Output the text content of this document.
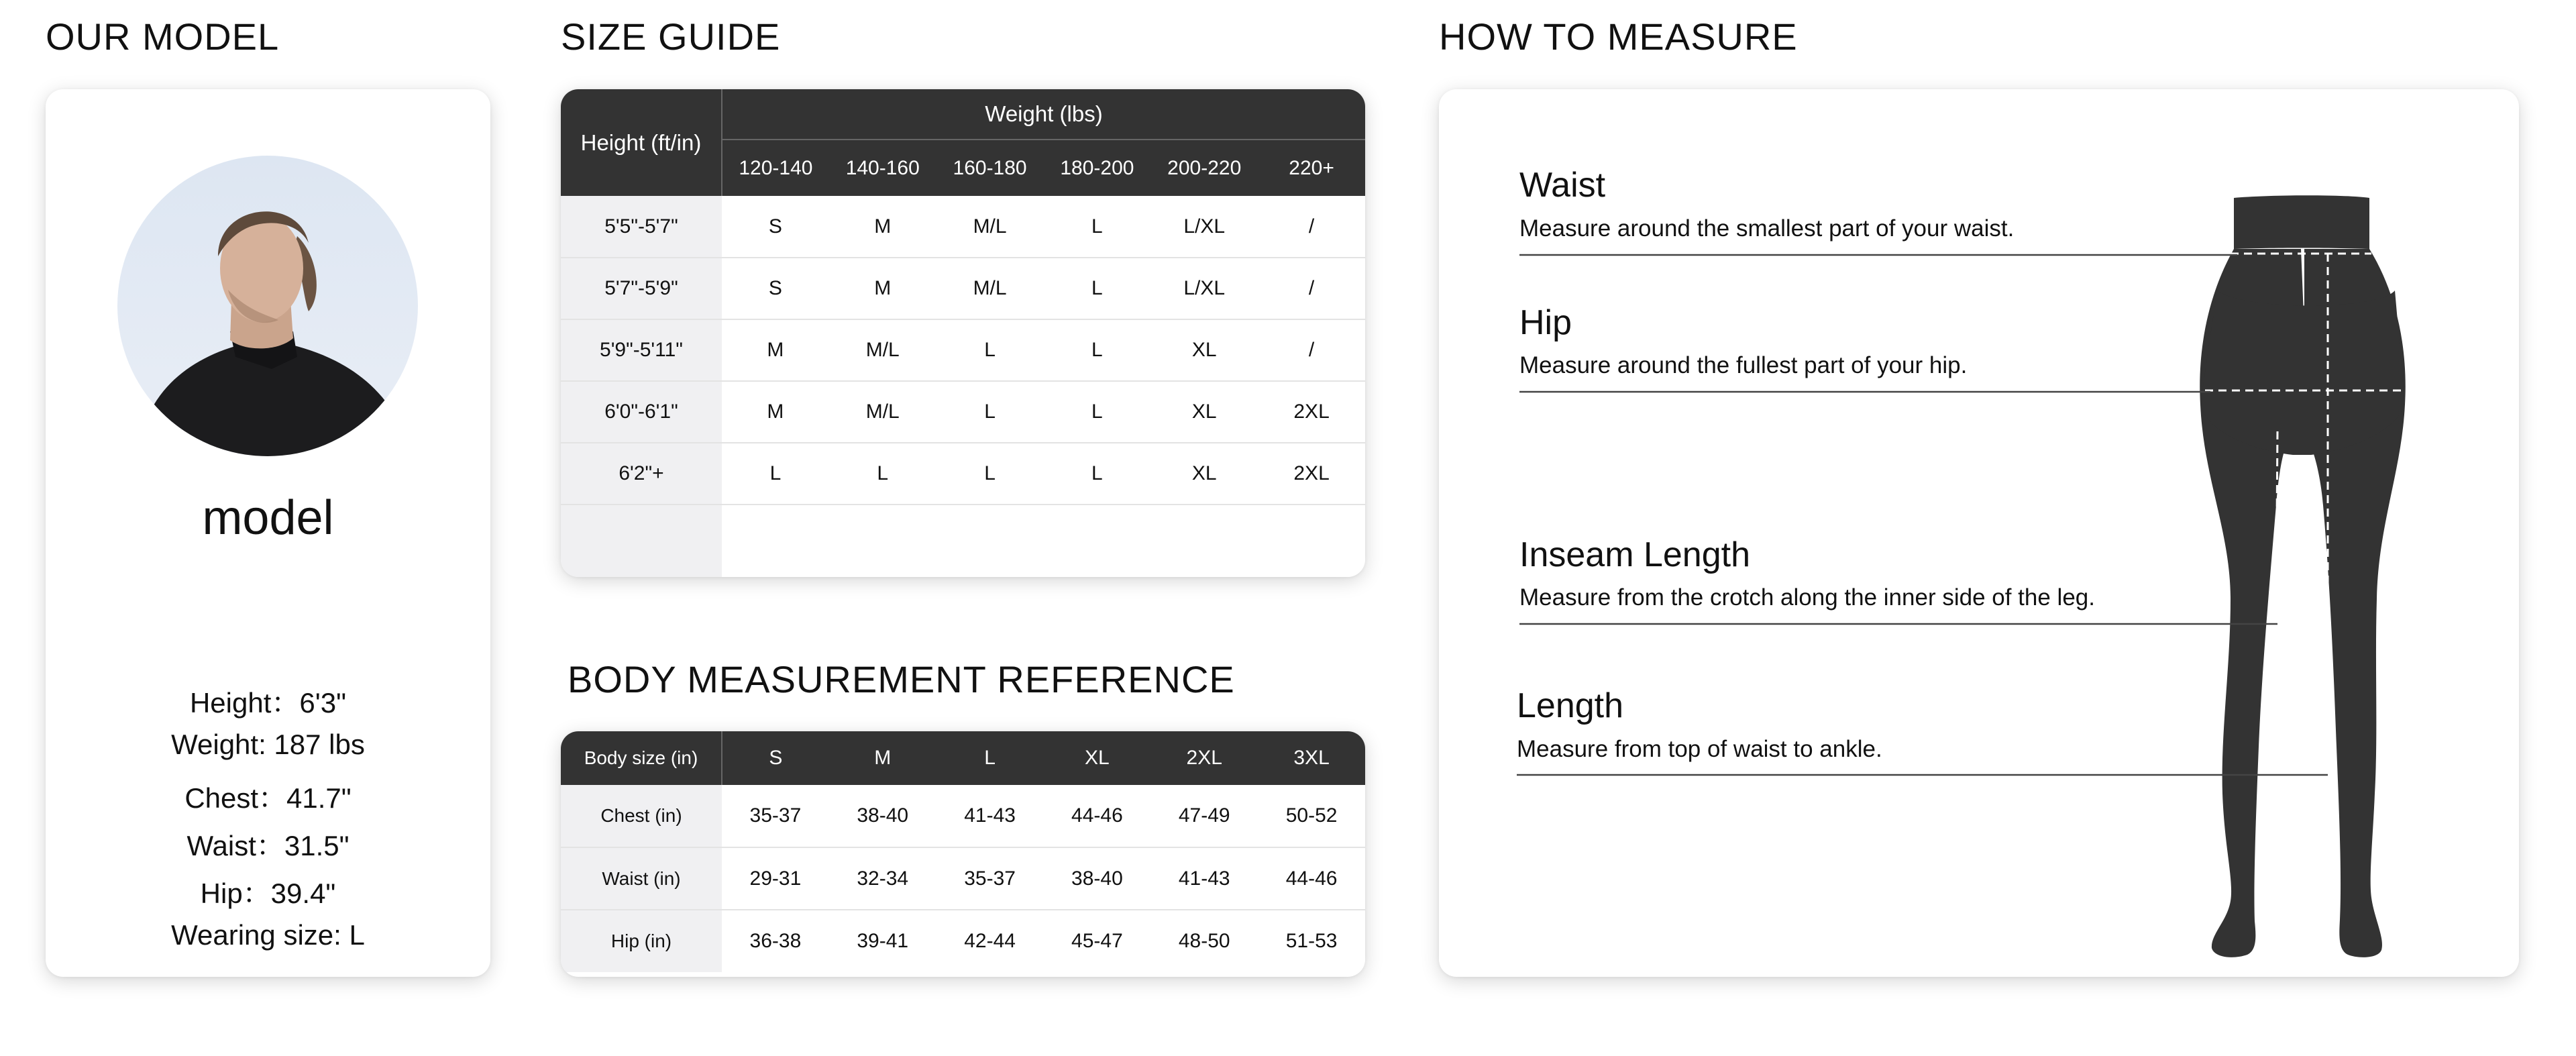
OUR MODEL
model
Height：6'3"
Weight: 187 lbs
Chest：41.7"
Waist：31.5"
Hip：39.4"
Wearing size: L
SIZE GUIDE
Height (ft/in)	Weight (lbs)					
	120-140	140-160	160-180	180-200	200-220	220+
5'5"-5'7"	S	M	M/L	L	L/XL	/
5'7"-5'9"	S	M	M/L	L	L/XL	/
5'9"-5'11"	M	M/L	L	L	XL	/
6'0"-6'1"	M	M/L	L	L	XL	2XL
6'2"+	L	L	L	L	XL	2XL

BODY MEASUREMENT REFERENCE
Body size (in)	S	M	L	XL	2XL	3XL
Chest (in)	35-37	38-40	41-43	44-46	47-49	50-52
Waist (in)	29-31	32-34	35-37	38-40	41-43	44-46
Hip (in)	36-38	39-41	42-44	45-47	48-50	51-53
HOW TO MEASURE
Waist
Measure around the smallest part of your waist.
Hip
Measure around the fullest part of your hip.
Inseam Length
Measure from the crotch along the inner side of the leg.
Length
Measure from top of waist to ankle.
